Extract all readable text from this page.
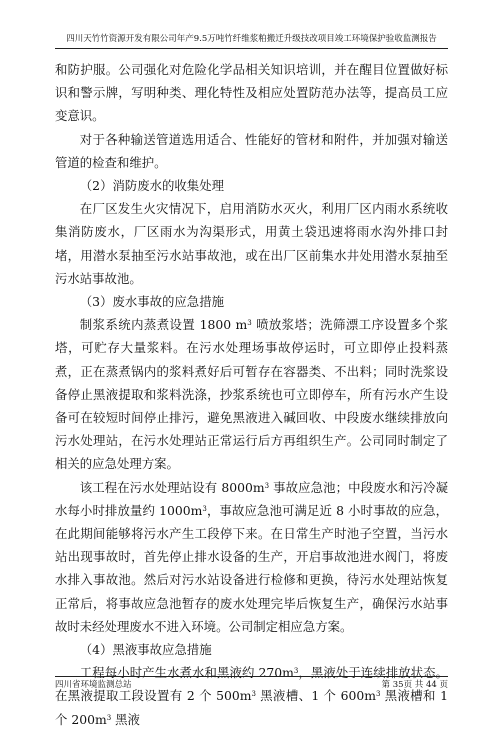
四川天竹竹资源开发有限公司年产9.5万吨竹纤维浆粕搬迁升级技改项目竣工环境保护验收监测报告

和防护服。公司强化对危险化学品相关知识培训，并在醒目位置做好标识和警示牌，写明种类、理化特性及相应处置防范办法等，提高员工应变意识。

对于各种输送管道选用适合、性能好的管材和附件，并加强对输送管道的检查和维护。

（2）消防废水的收集处理

在厂区发生火灾情况下，启用消防水灭火，利用厂区内雨水系统收集消防废水，厂区雨水为沟渠形式，用黄土袋迅速将雨水沟外排口封堵，用潜水泵抽至污水站事故池，或在出厂区前集水井处用潜水泵抽至污水站事故池。

（3）废水事故的应急措施

制浆系统内蒸煮设置 1800 $m^3$ 喷放浆塔；洗筛漂工序设置多个浆塔，可贮存大量浆料。在污水处理场事故停运时，可立即停止投料蒸煮，正在蒸煮锅内的浆料煮好后可暂存在容器类、不出料；同时洗浆设备停止黑液提取和浆料洗涤，抄浆系统也可立即停车，所有污水产生设备可在较短时间停止排污，避免黑液进入碱回收、中段废水继续排放向污水处理站，在污水处理站正常运行后方再组织生产。公司同时制定了相关的应急处理方案。

该工程在污水处理站设有 $8000m^3$ 事故应急池；中段废水和污冷凝水每小时排放量约 $1000m^3$，事故应急池可满足近 8 小时事故的应急，在此期间能够将污水产生工段停下来。在日常生产时池子空置，当污水站出现事故时，首先停止排水设备的生产，开启事故池进水阀门，将废水排入事故池。然后对污水站设备进行检修和更换，待污水处理站恢复正常后，将事故应急池暂存的废水处理完毕后恢复生产，确保污水站事故时未经处理废水不进入环境。公司制定相应急方案。

（4）黑液事故应急措施

工程每小时产生水煮水和黑液约 $270m^3$，黑液处于连续排放状态。在黑液提取工段设置有 2 个 $500m^3$ 黑液槽、1 个 $600m^3$ 黑液槽和 1 个 $200m^3$ 黑液

四川省环境监测总站	第 35页 共 44 页
